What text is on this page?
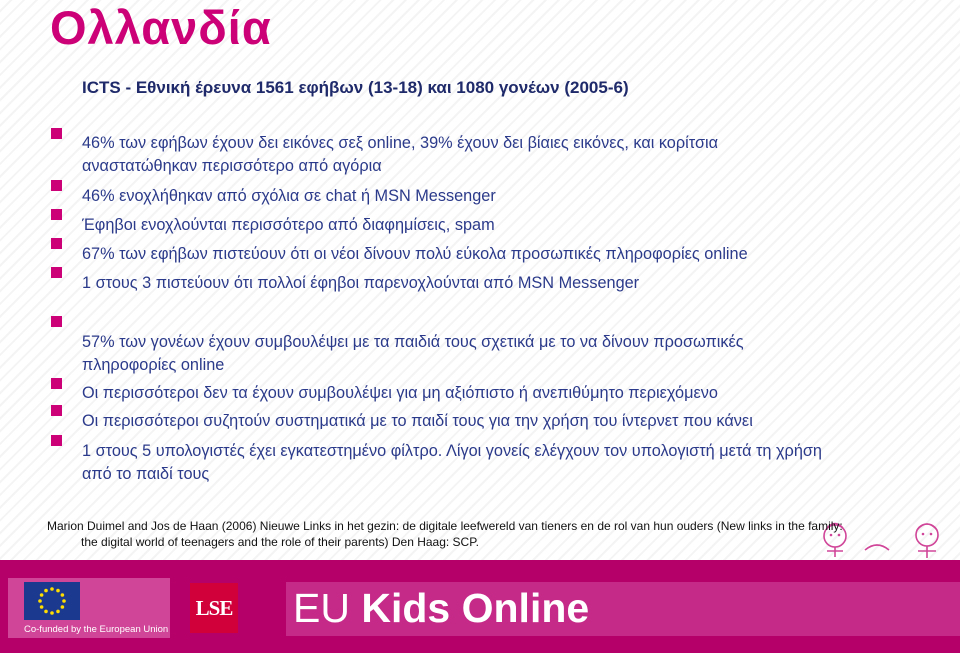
Ολλανδία
ICTS - Εθνική έρευνα 1561 εφήβων (13-18) και 1080 γονέων (2005-6)
46% των εφήβων έχουν δει εικόνες σεξ online, 39% έχουν δει βίαιες εικόνες, και κορίτσια
αναστατώθηκαν περισσότερο από αγόρια
46% ενοχλήθηκαν από σχόλια σε chat ή MSN Messenger
Έφηβοι ενοχλούνται περισσότερο από διαφημίσεις, spam
67% των εφήβων πιστεύουν ότι οι νέοι δίνουν πολύ εύκολα προσωπικές πληροφορίες online
1 στους 3 πιστεύουν ότι πολλοί έφηβοι παρενοχλούνται από MSN Messenger
57% των γονέων έχουν συμβουλέψει με τα παιδιά τους σχετικά με το να δίνουν προσωπικές
πληροφορίες online
Οι περισσότεροι δεν τα έχουν συμβουλέψει για μη αξιόπιστο ή ανεπιθύμητο περιεχόμενο
Οι περισσότεροι συζητούν συστηματικά με το παιδί τους για την χρήση του ίντερνετ που κάνει
1 στους 5 υπολογιστές έχει εγκατεστημένο φίλτρο. Λίγοι γονείς ελέγχουν τον υπολογιστή μετά τη χρήση
από το παιδί τους
Marion Duimel and Jos de Haan (2006) Nieuwe Links in het gezin: de digitale leefwereld van tieners en de rol van hun ouders (New links in the family:
the digital world of teenagers and the role of their parents) Den Haag: SCP.
Co-funded by the European Union
LSE EU Kids Online
